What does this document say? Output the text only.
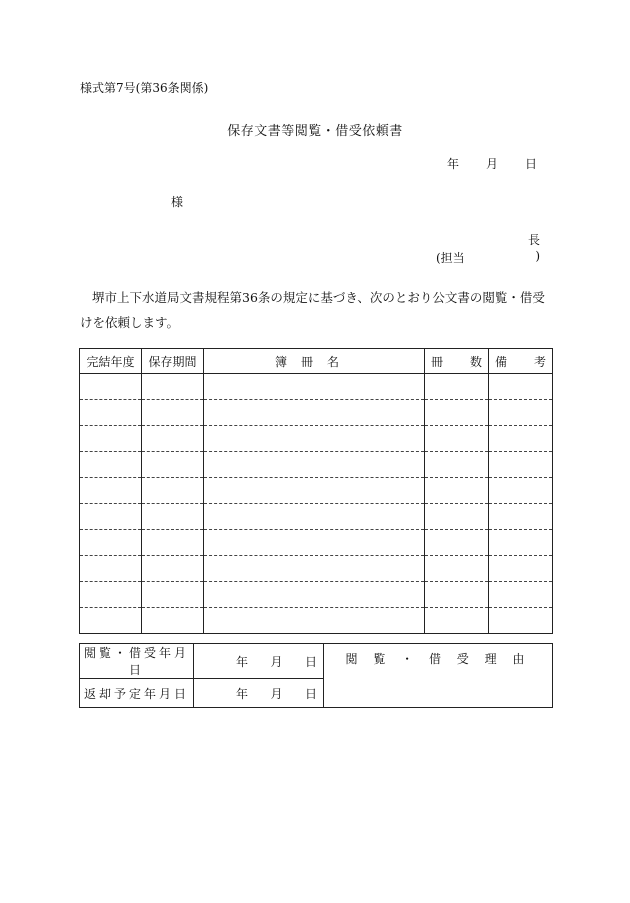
様式第7号(第36条関係)
保存文書等閲覧・借受依頼書
年 月 日
様
長
(担当	)
堺市上下水道局文書規程第36条の規定に基づき、次のとおり公文書の閲覧・借受けを依頼します。
完結年度	保存期間	簿冊名	冊 数	備 考

閲覧・借受年月日	年 月 日	閲 覧 ・ 借 受 理 由
返却予定年月日	年 月 日	
